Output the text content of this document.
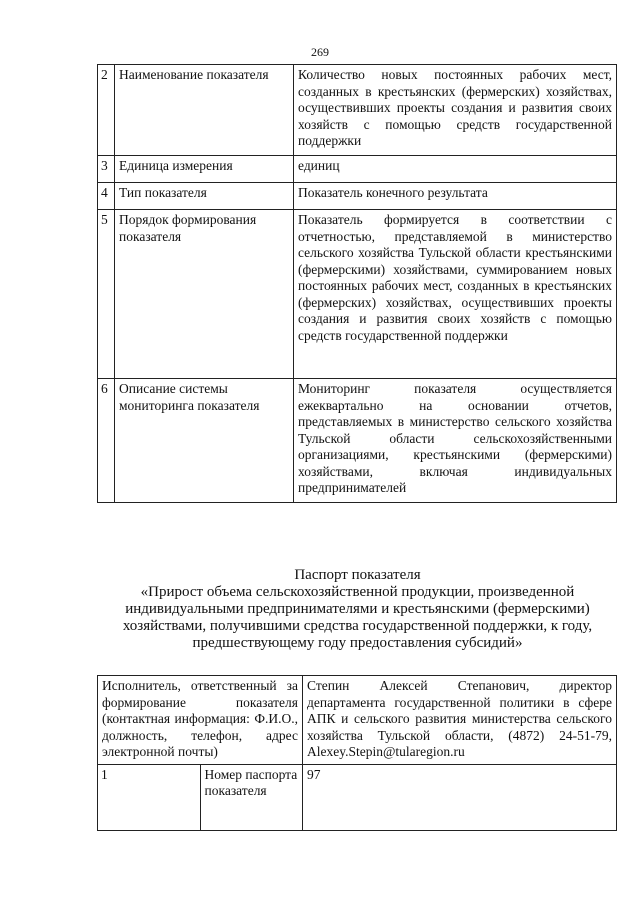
269
2	Наименование показателя	Количество новых постоянных рабочих мест, созданных в крестьянских (фермерских) хозяйствах, осуществивших проекты создания и развития своих хозяйств с помощью средств государственной поддержки
3	Единица измерения	единиц
4	Тип показателя	Показатель конечного результата
5	Порядок формирования показателя	Показатель формируется в соответствии с отчетностью, представляемой в министерство сельского хозяйства Тульской области крестьянскими (фермерскими) хозяйствами, суммированием новых постоянных рабочих мест, созданных в крестьянских (фермерских) хозяйствах, осуществивших проекты создания и развития своих хозяйств с помощью средств государственной поддержки
6	Описание системы мониторинга показателя	Мониторинг показателя осуществляется ежеквартально на основании отчетов, представляемых в министерство сельского хозяйства Тульской области сельскохозяйственными организациями, крестьянскими (фермерскими) хозяйствами, включая индивидуальных предпринимателей
Паспорт показателя
«Прирост объема сельскохозяйственной продукции, произведенной индивидуальными предпринимателями и крестьянскими (фермерскими) хозяйствами, получившими средства государственной поддержки, к году, предшествующему году предоставления субсидий»
Исполнитель, ответственный за формирование показателя (контактная информация: Ф.И.О., должность, телефон, адрес электронной почты)		Степин Алексей Степанович, директор департамента государственной политики в сфере АПК и сельского развития министерства сельского хозяйства Тульской области, (4872) 24-51-79, Alexey.Stepin@tularegion.ru
1	Номер паспорта показателя	97
